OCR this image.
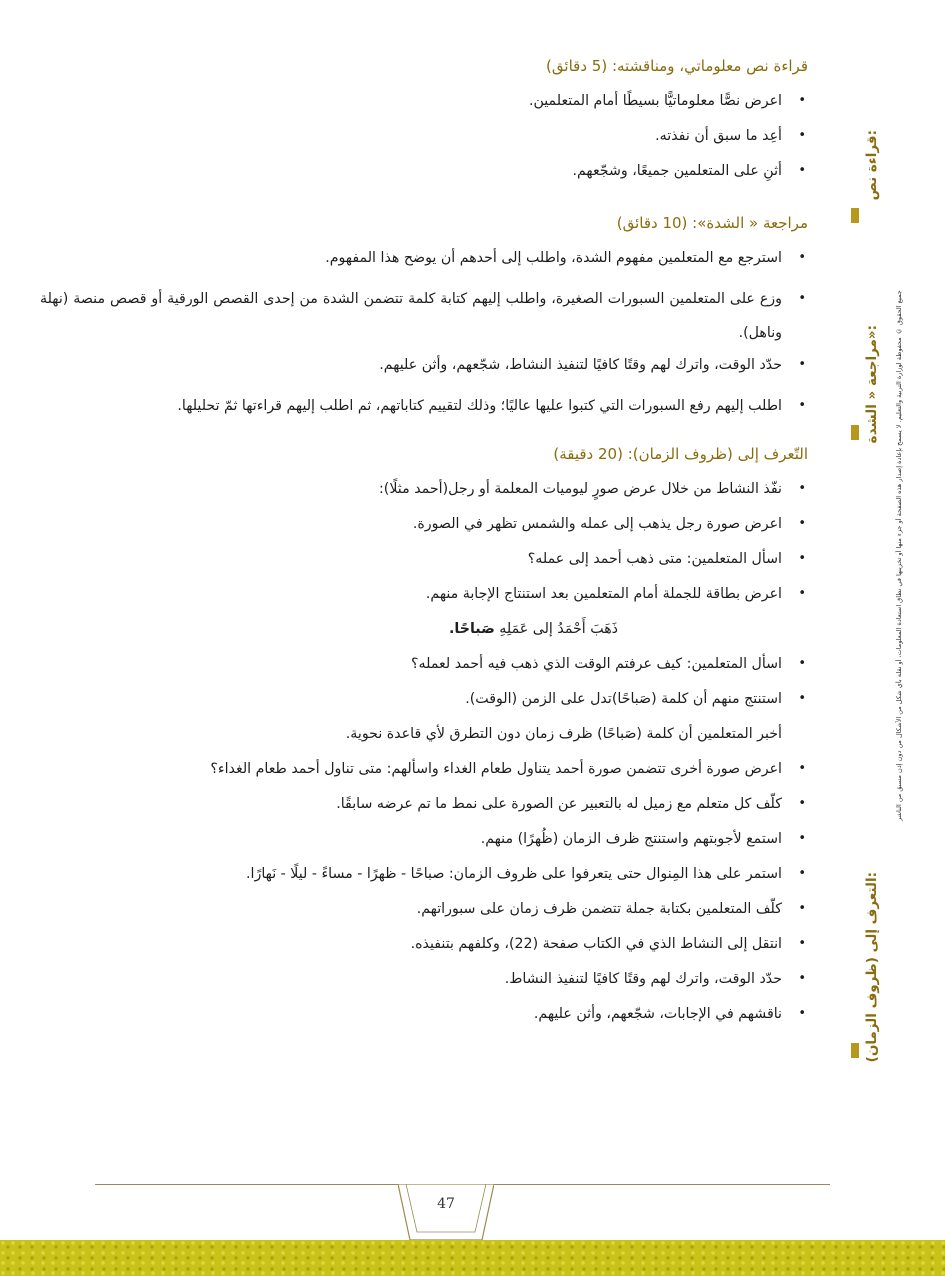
قراءة نص معلوماتي، ومناقشته: (5 دقائق)
• اعرض نصًّا معلوماتيًّا بسيطًا أمام المتعلمين.
• أعِد ما سبق أن نفذته.
• أثنِ على المتعلمين جميعًا، وشجّعهم.
مراجعة « الشدة»: (10 دقائق)
• استرجع مع المتعلمين مفهوم الشدة، واطلب إلى أحدهم أن يوضح هذا المفهوم.
• وزع على المتعلمين السبورات الصغيرة، واطلب إليهم كتابة كلمة تتضمن الشدة من إحدى القصص الورقية أو قصص منصة (نهلة وناهل).
• حدّد الوقت، واترك لهم وقتًا كافيًا لتنفيذ النشاط، شجّعهم، وأثن عليهم.
• اطلب إليهم رفع السبورات التي كتبوا عليها عاليًا؛ وذلك لتقييم كتاباتهم، ثم اطلب إليهم قراءتها ثمّ تحليلها.
التّعرف إلى (ظروف الزمان): (20 دقيقة)
• نفّذ النشاط من خلال عرض صورٍ ليوميات المعلمة أو رجل(أحمد مثلًا):
• اعرض صورة رجل يذهب إلى عمله والشمس تظهر في الصورة.
• اسأل المتعلمين: متى ذهب أحمد إلى عمله؟
• اعرض بطاقة للجملة أمام المتعلمين بعد استنتاج الإجابة منهم.
ذَهَبَ أَحْمَدُ إلى عَمَلِهِ صَباحًا.
• اسأل المتعلمين: كيف عرفتم الوقت الذي ذهب فيه أحمد لعمله؟
• استنتج منهم أن كلمة (صَباحًا)تدل على الزمن (الوقت).
أخبر المتعلمين أن كلمة (صَباحًا) ظرف زمان دون التطرق لأي قاعدة نحوية.
• اعرض صورة أخرى تتضمن صورة أحمد يتناول طعام الغداء واسألهم: متى تناول أحمد طعام الغداء؟
• كلّف كل متعلم مع زميل له بالتعبير عن الصورة على نمط ما تم عرضه سابقًا.
• استمع لأجوبتهم واستنتج ظرف الزمان (ظُهرًا) منهم.
• استمر على هذا المِنوال حتى يتعرفوا على ظروف الزمان: صباحًا - ظهرًا - مساءً - ليلًا - نَهارًا.
• كلّف المتعلمين بكتابة جملة تتضمن ظرف زمان على سبوراتهم.
• انتقل إلى النشاط الذي في الكتاب صفحة (22)، وكلفهم بتنفيذه.
• حدّد الوقت، واترك لهم وقتًا كافيًا لتنفيذ النشاط.
• ناقشهم في الإجابات، شجّعهم، وأثن عليهم.
قراءة نص:
مراجعة « الشدة»:
التعرف إلى (ظروف الزمان):
جميع الحقوق © محفوظة لوزارة التربية والتعليم. لا يسمح بإعادة إصدار هذه الصفحة أو جزء منها أو تخزينها في نطاق استعادة المعلومات، أو نقله بأي شكل من الأشكال من دون إذن مسبق من الناشر
47
